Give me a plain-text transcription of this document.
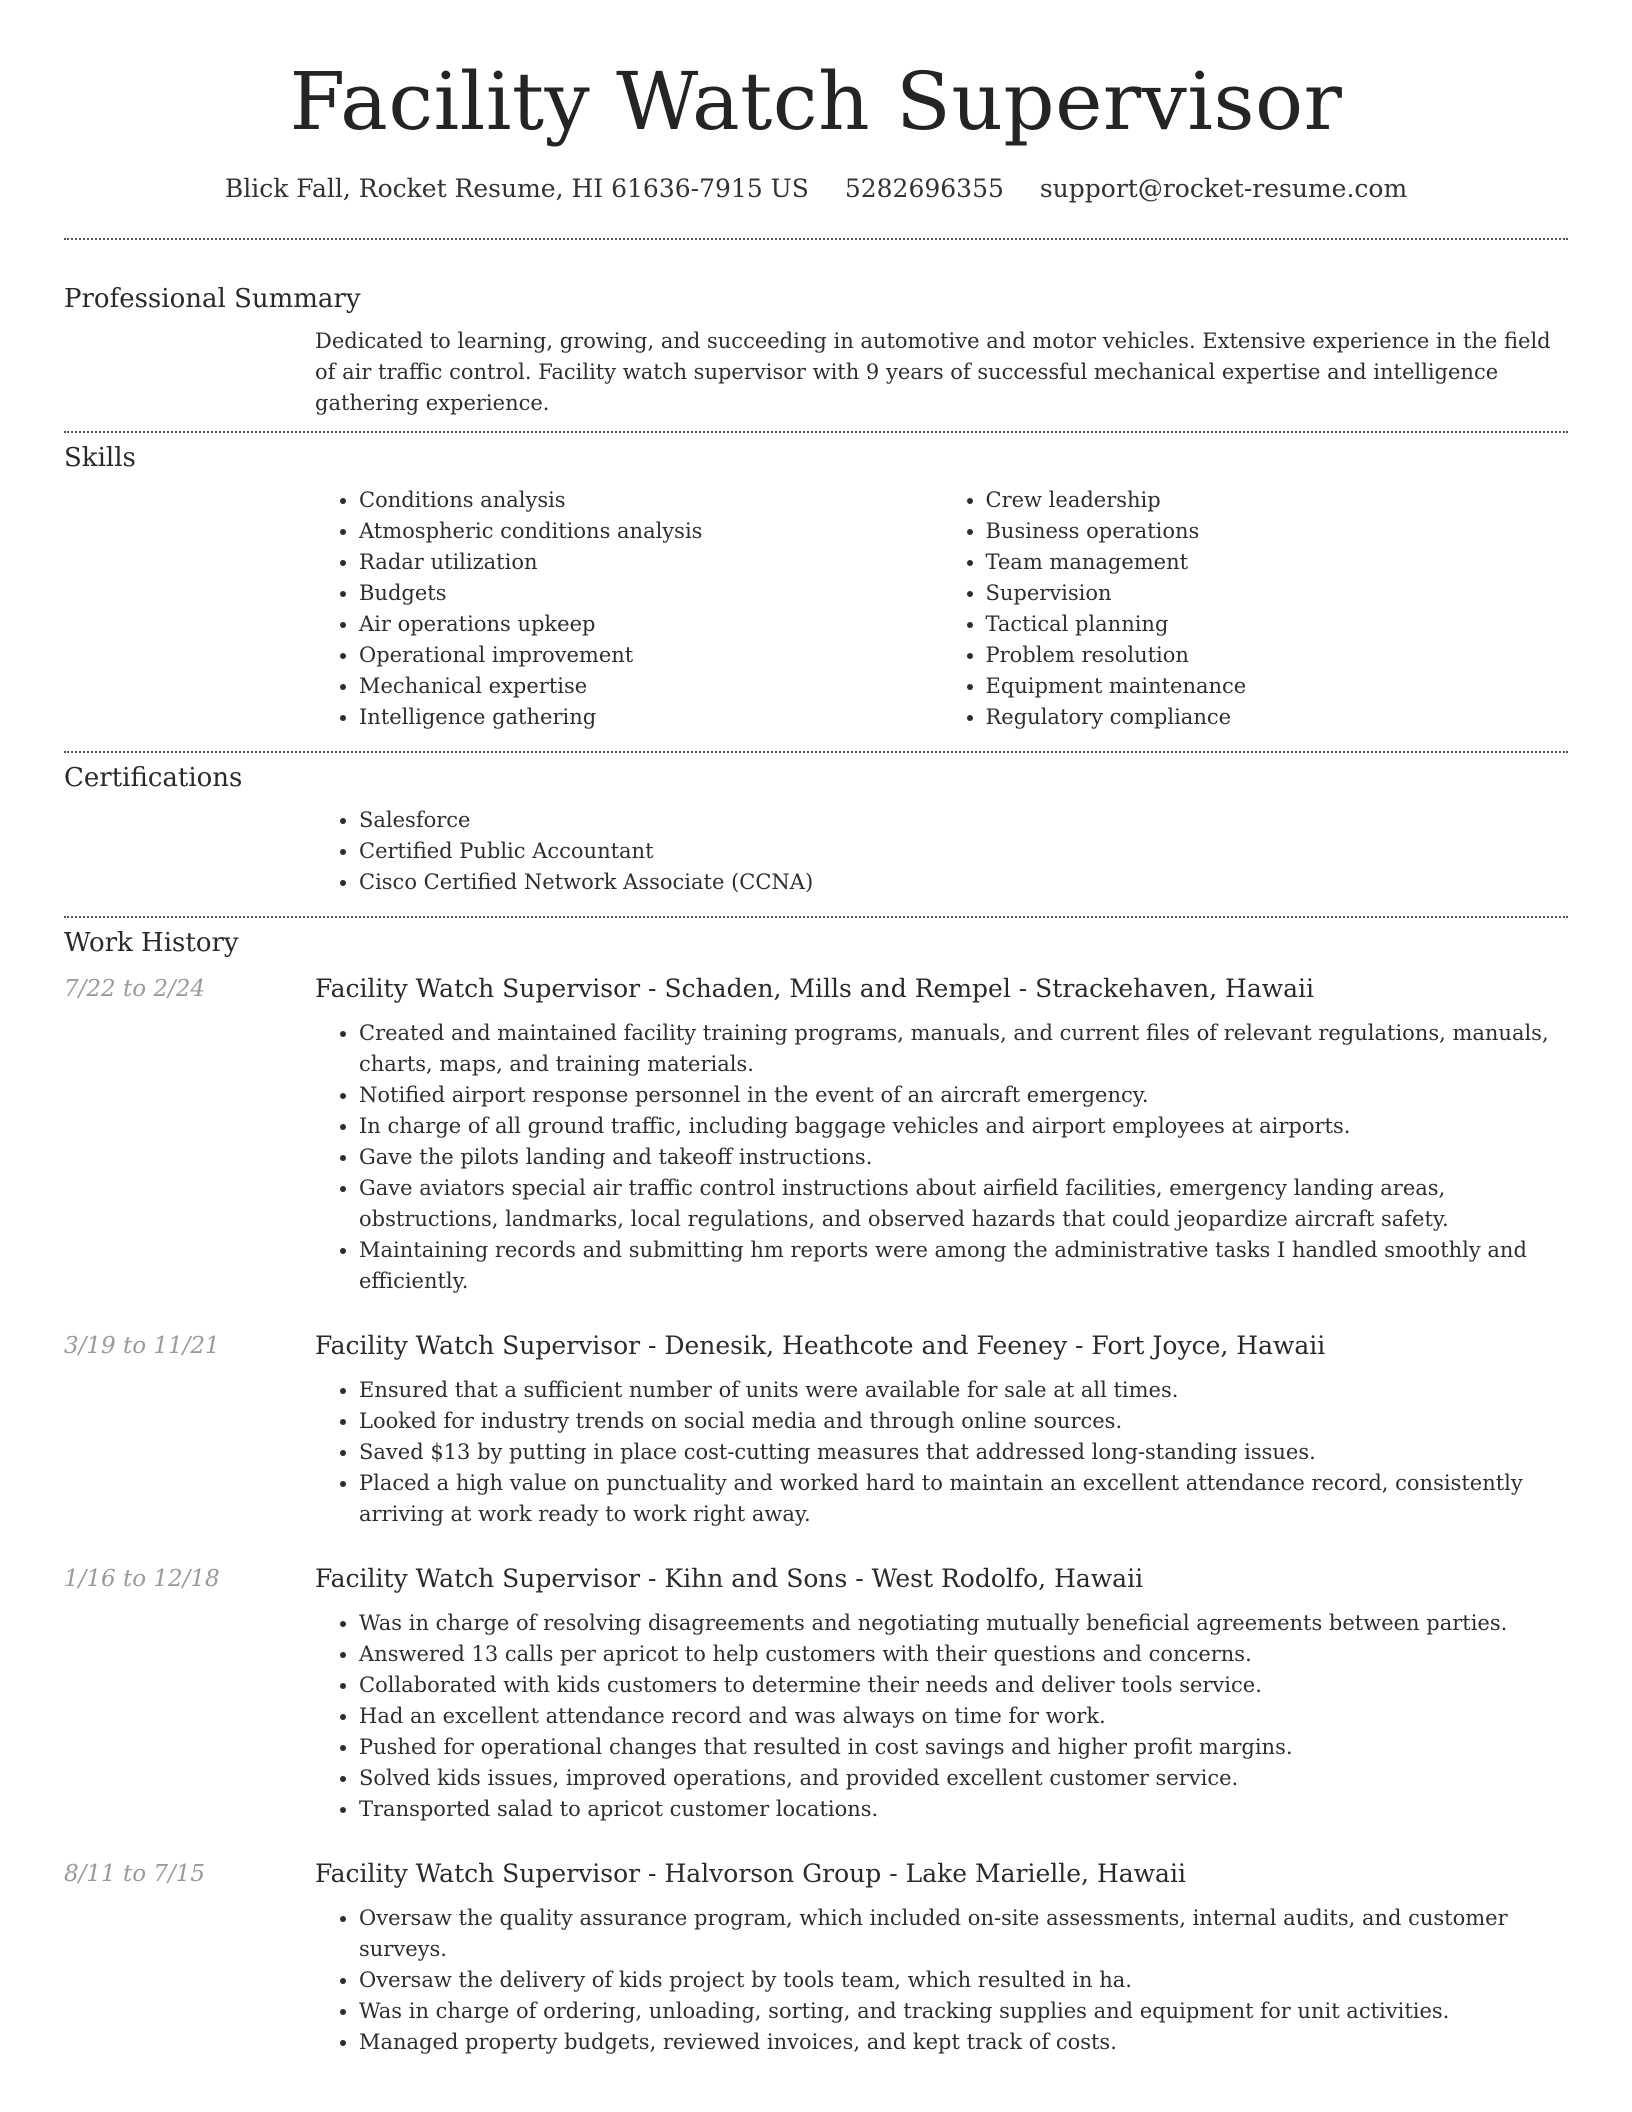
Facility Watch Supervisor
Blick Fall, Rocket Resume, HI 61636-7915 US 5282696355 support@rocket-resume.com
Professional Summary

Dedicated to learning, growing, and succeeding in automotive and motor vehicles. Extensive experience in the field of air traffic control. Facility watch supervisor with 9 years of successful mechanical expertise and intelligence gathering experience.

Skills
• Conditions analysis
• Atmospheric conditions analysis
• Radar utilization
• Budgets
• Air operations upkeep
• Operational improvement
• Mechanical expertise
• Intelligence gathering
• Crew leadership
• Business operations
• Team management
• Supervision
• Tactical planning
• Problem resolution
• Equipment maintenance
• Regulatory compliance
Certifications
• Salesforce
• Certified Public Accountant
• Cisco Certified Network Associate (CCNA)
Work History
7/22 to 2/24	Facility Watch Supervisor - Schaden, Mills and Rempel - Strackehaven, Hawaii
• Created and maintained facility training programs, manuals, and current files of relevant regulations, manuals, charts, maps, and training materials.
• Notified airport response personnel in the event of an aircraft emergency.
• In charge of all ground traffic, including baggage vehicles and airport employees at airports.
• Gave the pilots landing and takeoff instructions.
• Gave aviators special air traffic control instructions about airfield facilities, emergency landing areas, obstructions, landmarks, local regulations, and observed hazards that could jeopardize aircraft safety.
• Maintaining records and submitting hm reports were among the administrative tasks I handled smoothly and efficiently.
3/19 to 11/21	Facility Watch Supervisor - Denesik, Heathcote and Feeney - Fort Joyce, Hawaii
• Ensured that a sufficient number of units were available for sale at all times.
• Looked for industry trends on social media and through online sources.
• Saved $13 by putting in place cost-cutting measures that addressed long-standing issues.
• Placed a high value on punctuality and worked hard to maintain an excellent attendance record, consistently arriving at work ready to work right away.
1/16 to 12/18	Facility Watch Supervisor - Kihn and Sons - West Rodolfo, Hawaii
• Was in charge of resolving disagreements and negotiating mutually beneficial agreements between parties.
• Answered 13 calls per apricot to help customers with their questions and concerns.
• Collaborated with kids customers to determine their needs and deliver tools service.
• Had an excellent attendance record and was always on time for work.
• Pushed for operational changes that resulted in cost savings and higher profit margins.
• Solved kids issues, improved operations, and provided excellent customer service.
• Transported salad to apricot customer locations.
8/11 to 7/15	Facility Watch Supervisor - Halvorson Group - Lake Marielle, Hawaii
• Oversaw the quality assurance program, which included on-site assessments, internal audits, and customer surveys.
• Oversaw the delivery of kids project by tools team, which resulted in ha.
• Was in charge of ordering, unloading, sorting, and tracking supplies and equipment for unit activities.
• Managed property budgets, reviewed invoices, and kept track of costs.
